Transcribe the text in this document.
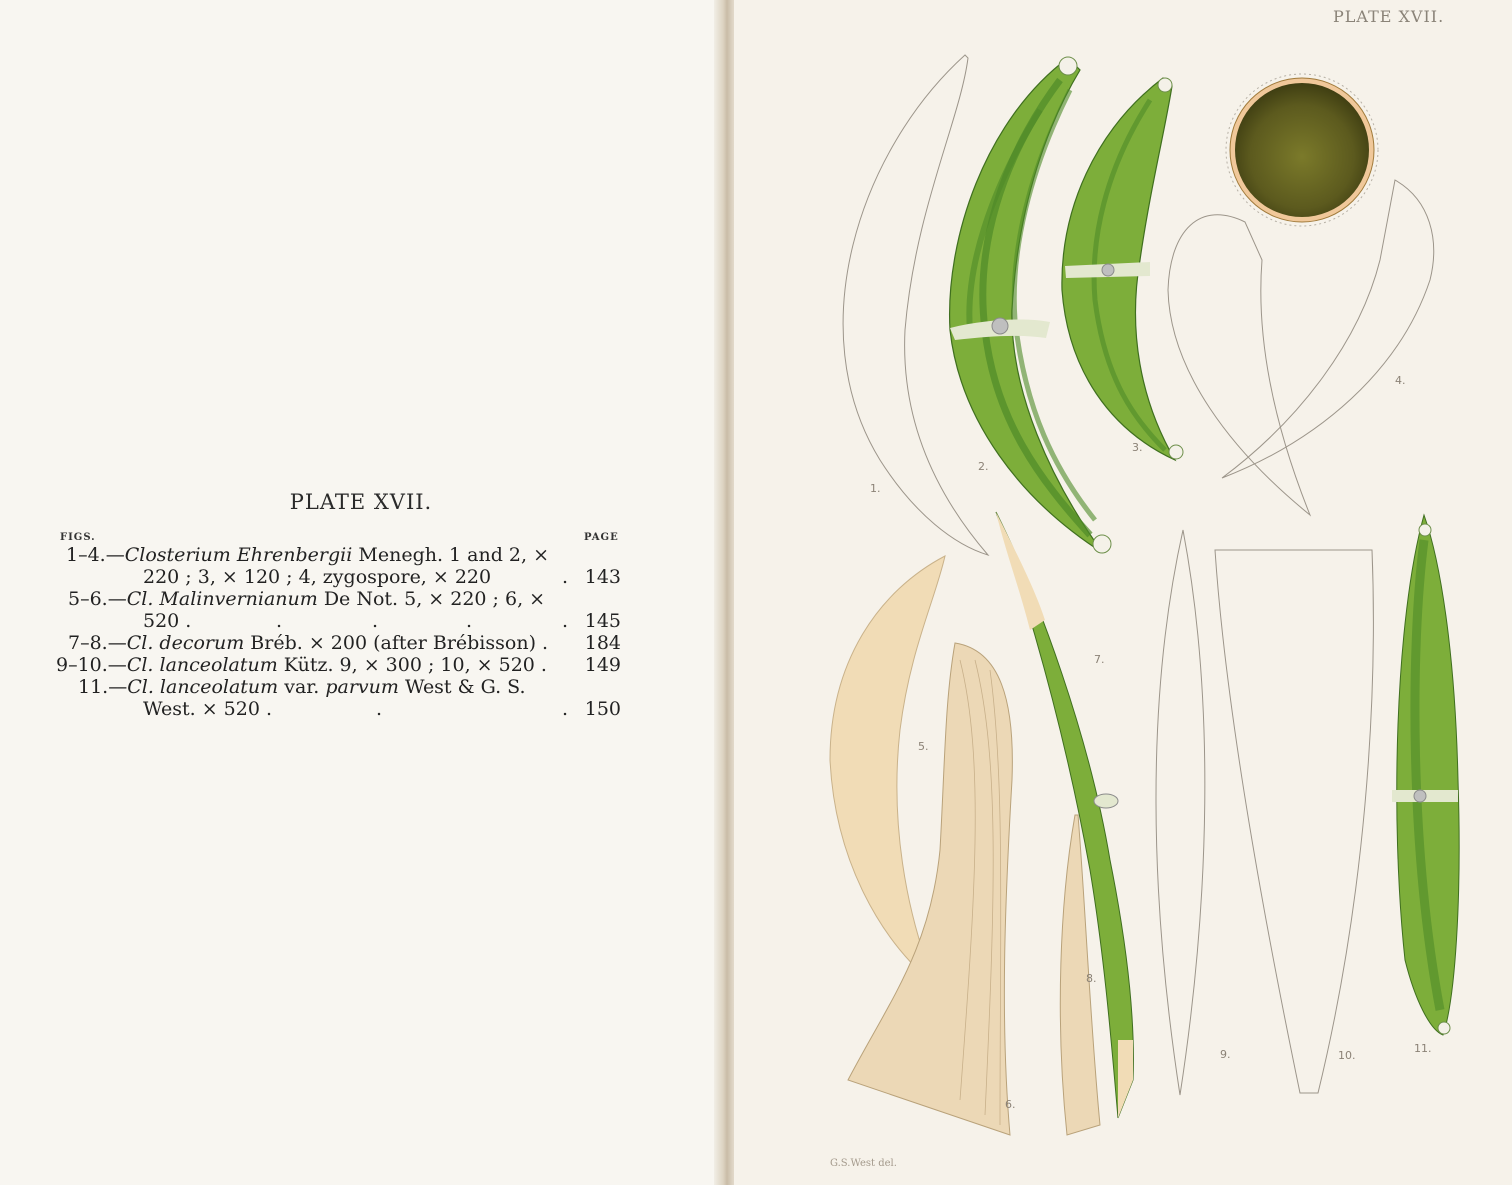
PLATE XVII.
FIGS.	PAGE
1–4.—Closterium Ehrenbergii Menegh. 1 and 2, ×
220 ; 3, × 120 ; 4, zygospore, × 220	. 143
5–6.—Cl. Malinvernianum De Not. 5, × 220 ; 6, ×
520 .	.	.	.	. 145
7–8.—Cl. decorum Bréb. × 200 (after Brébisson) .	184
9–10.—Cl. lanceolatum Kütz. 9, × 300 ; 10, × 520 .	149
11.—Cl. lanceolatum var. parvum West & G. S.
West. × 520 .	.	. 150
1.
2.
3.
4.
5.
6.
7.
8.
9.	10.
11.
PLATE XVII.
G.S.West del.
